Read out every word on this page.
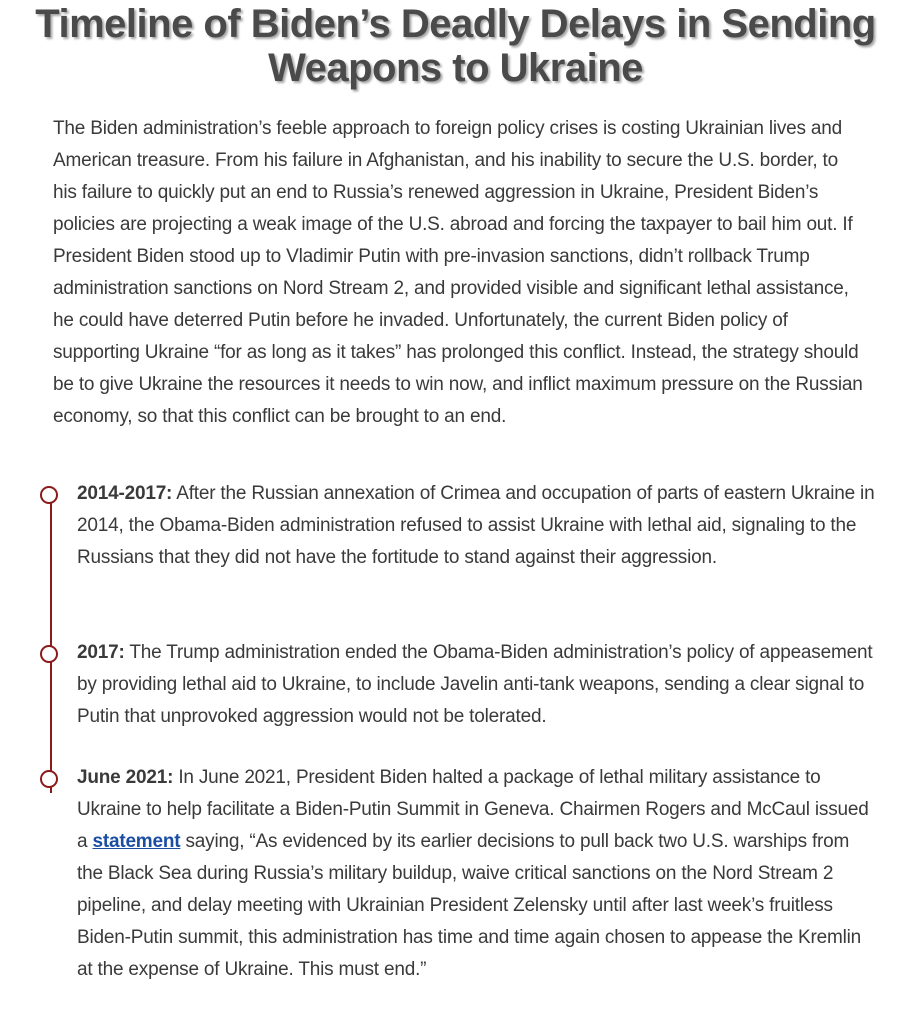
Timeline of Biden’s Deadly Delays in Sending Weapons to Ukraine

The Biden administration’s feeble approach to foreign policy crises is costing Ukrainian lives and American treasure. From his failure in Afghanistan, and his inability to secure the U.S. border, to his failure to quickly put an end to Russia’s renewed aggression in Ukraine, President Biden’s policies are projecting a weak image of the U.S. abroad and forcing the taxpayer to bail him out. If President Biden stood up to Vladimir Putin with pre-invasion sanctions, didn’t rollback Trump administration sanctions on Nord Stream 2, and provided visible and significant lethal assistance, he could have deterred Putin before he invaded. Unfortunately, the current Biden policy of supporting Ukraine “for as long as it takes” has prolonged this conflict. Instead, the strategy should be to give Ukraine the resources it needs to win now, and inflict maximum pressure on the Russian economy, so that this conflict can be brought to an end.

2014-2017: After the Russian annexation of Crimea and occupation of parts of eastern Ukraine in 2014, the Obama-Biden administration refused to assist Ukraine with lethal aid, signaling to the Russians that they did not have the fortitude to stand against their aggression.

2017: The Trump administration ended the Obama-Biden administration’s policy of appeasement by providing lethal aid to Ukraine, to include Javelin anti-tank weapons, sending a clear signal to Putin that unprovoked aggression would not be tolerated.

June 2021: In June 2021, President Biden halted a package of lethal military assistance to Ukraine to help facilitate a Biden-Putin Summit in Geneva. Chairmen Rogers and McCaul issued a statement saying, “As evidenced by its earlier decisions to pull back two U.S. warships from the Black Sea during Russia’s military buildup, waive critical sanctions on the Nord Stream 2 pipeline, and delay meeting with Ukrainian President Zelensky until after last week’s fruitless Biden-Putin summit, this administration has time and time again chosen to appease the Kremlin at the expense of Ukraine. This must end.”
